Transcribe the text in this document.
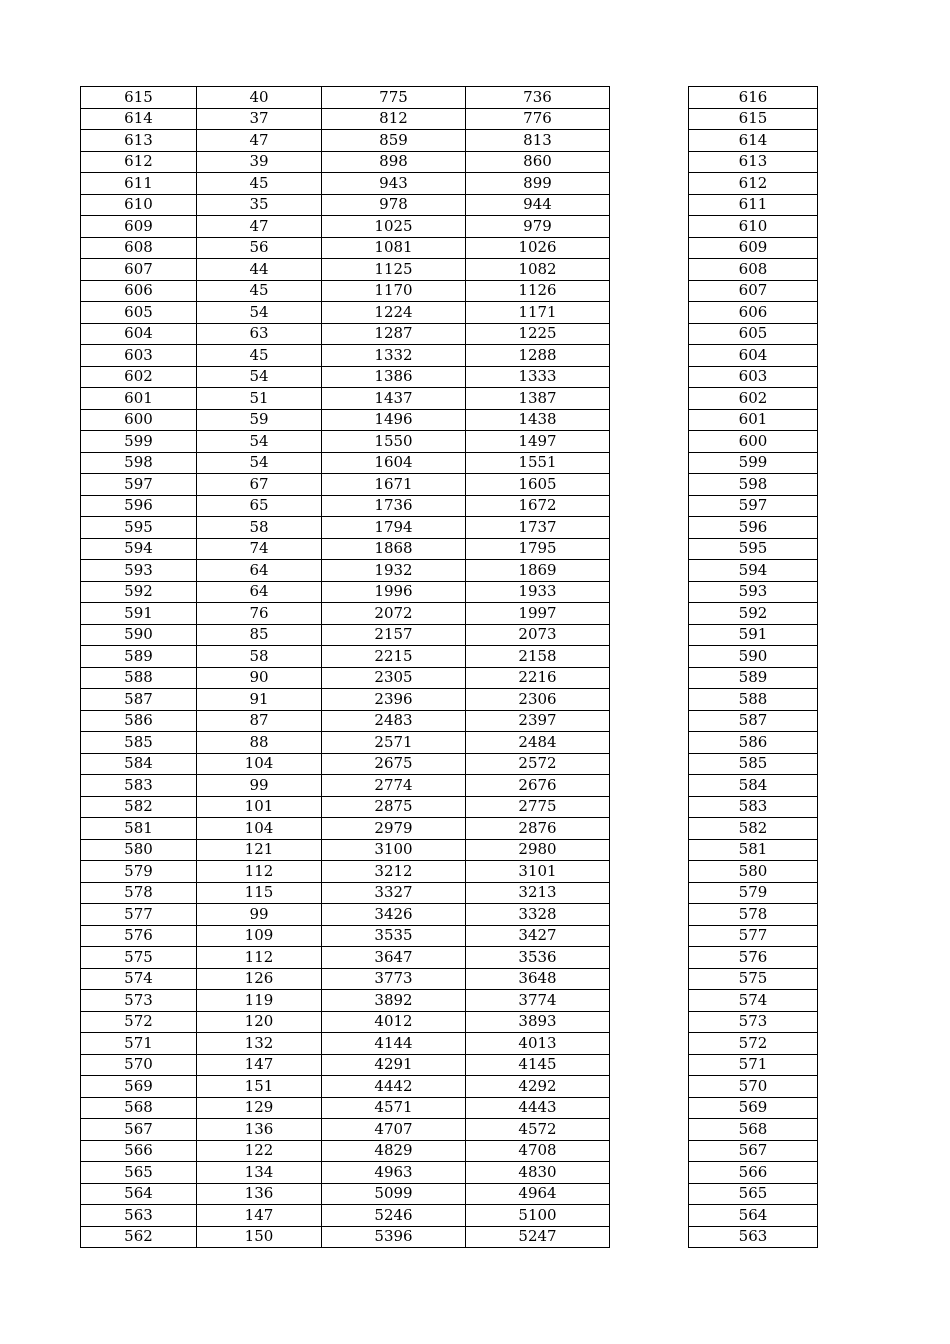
615	40	775	736
614	37	812	776
613	47	859	813
612	39	898	860
611	45	943	899
610	35	978	944
609	47	1025	979
608	56	1081	1026
607	44	1125	1082
606	45	1170	1126
605	54	1224	1171
604	63	1287	1225
603	45	1332	1288
602	54	1386	1333
601	51	1437	1387
600	59	1496	1438
599	54	1550	1497
598	54	1604	1551
597	67	1671	1605
596	65	1736	1672
595	58	1794	1737
594	74	1868	1795
593	64	1932	1869
592	64	1996	1933
591	76	2072	1997
590	85	2157	2073
589	58	2215	2158
588	90	2305	2216
587	91	2396	2306
586	87	2483	2397
585	88	2571	2484
584	104	2675	2572
583	99	2774	2676
582	101	2875	2775
581	104	2979	2876
580	121	3100	2980
579	112	3212	3101
578	115	3327	3213
577	99	3426	3328
576	109	3535	3427
575	112	3647	3536
574	126	3773	3648
573	119	3892	3774
572	120	4012	3893
571	132	4144	4013
570	147	4291	4145
569	151	4442	4292
568	129	4571	4443
567	136	4707	4572
566	122	4829	4708
565	134	4963	4830
564	136	5099	4964
563	147	5246	5100
562	150	5396	5247
616
615
614
613
612
611
610
609
608
607
606
605
604
603
602
601
600
599
598
597
596
595
594
593
592
591
590
589
588
587
586
585
584
583
582
581
580
579
578
577
576
575
574
573
572
571
570
569
568
567
566
565
564
563
